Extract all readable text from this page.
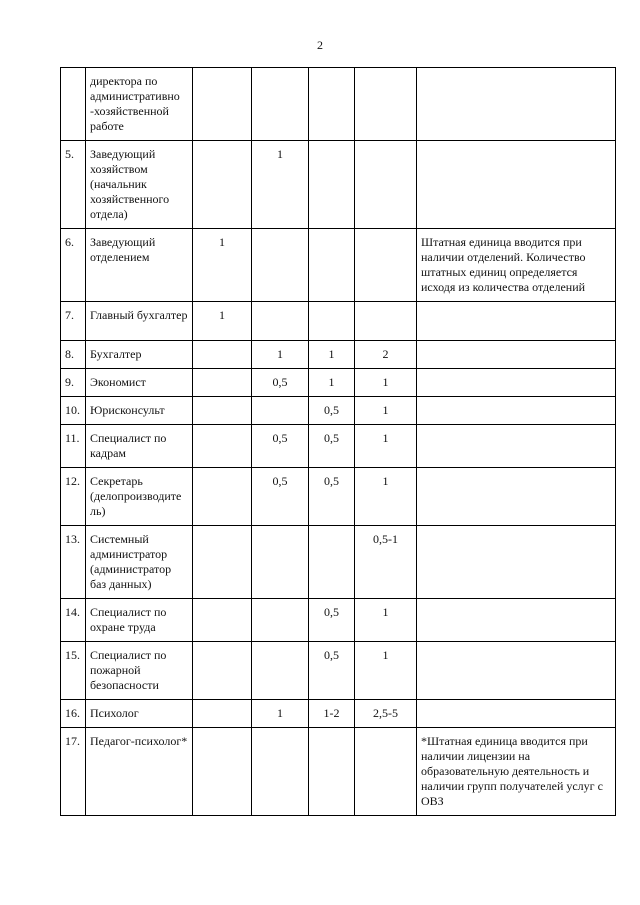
2
	директора по административно -хозяйственной работе					
5.	Заведующий хозяйством (начальник хозяйственного отдела)		1			
6.	Заведующий отделением	1				Штатная единица вводится при наличии отделений. Количество штатных единиц определяется исходя из количества отделений
7.	Главный бухгалтер	1				
8.	Бухгалтер		1	1	2	
9.	Экономист		0,5	1	1	
10.	Юрисконсульт			0,5	1	
11.	Специалист по кадрам		0,5	0,5	1	
12.	Секретарь (делопроизводите ль)		0,5	0,5	1	
13.	Системный администратор (администратор баз данных)				0,5-1	
14.	Специалист по охране труда			0,5	1	
15.	Специалист по пожарной безопасности			0,5	1	
16.	Психолог		1	1-2	2,5-5	
17.	Педагог-психолог*					*Штатная единица вводится при наличии лицензии на образовательную деятельность и наличии групп получателей услуг с ОВЗ
